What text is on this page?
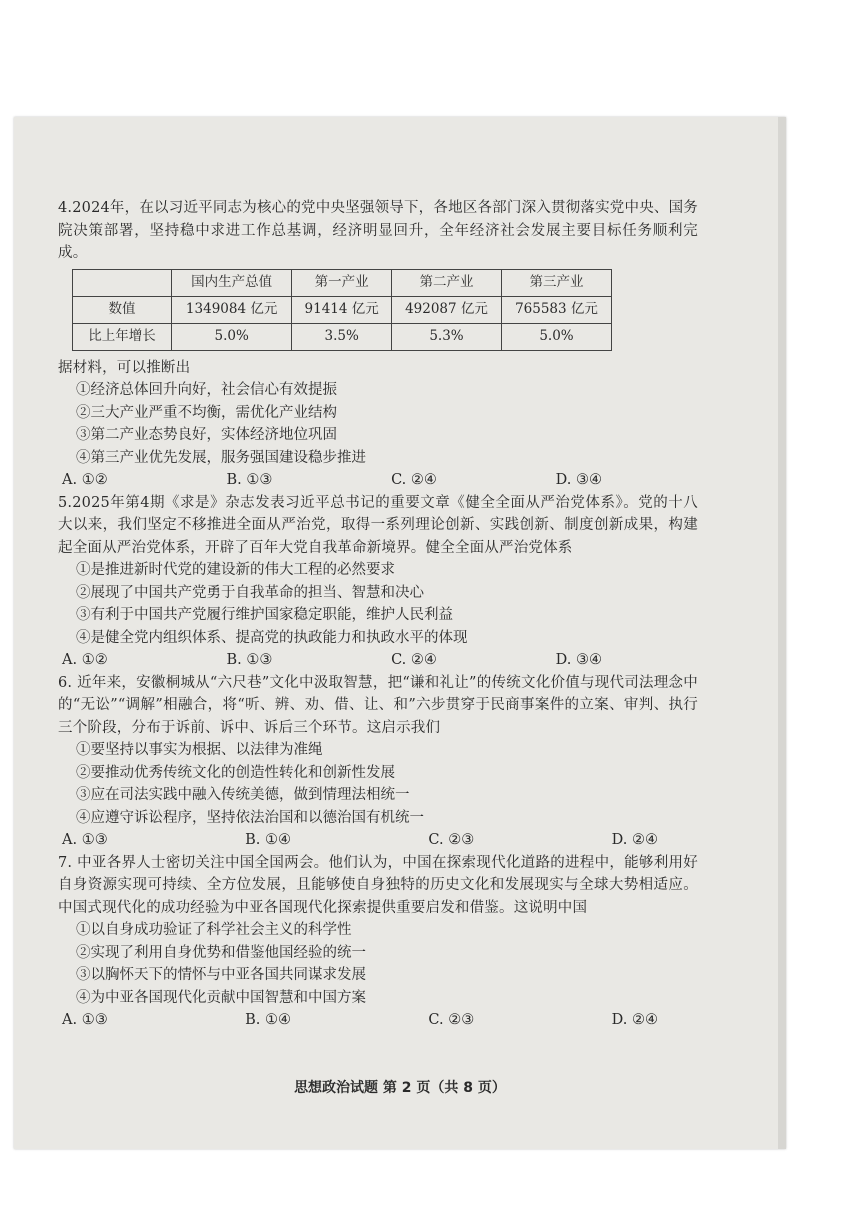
4.2024年，在以习近平同志为核心的党中央坚强领导下，各地区各部门深入贯彻落实党中央、国务院决策部署，坚持稳中求进工作总基调，经济明显回升，全年经济社会发展主要目标任务顺利完成。

	国内生产总值	第一产业	第二产业	第三产业
数值	1349084 亿元	91414 亿元	492087 亿元	765583 亿元
比上年增长	5.0%	3.5%	5.3%	5.0%

据材料，可以推断出

①经济总体回升向好，社会信心有效提振

②三大产业严重不均衡，需优化产业结构

③第二产业态势良好，实体经济地位巩固

④第三产业优先发展，服务强国建设稳步推进

A. ①②	B. ①③	C. ②④	D. ③④

5.2025年第4期《求是》杂志发表习近平总书记的重要文章《健全全面从严治党体系》。党的十八大以来，我们坚定不移推进全面从严治党，取得一系列理论创新、实践创新、制度创新成果，构建起全面从严治党体系，开辟了百年大党自我革命新境界。健全全面从严治党体系

①是推进新时代党的建设新的伟大工程的必然要求

②展现了中国共产党勇于自我革命的担当、智慧和决心

③有利于中国共产党履行维护国家稳定职能，维护人民利益

④是健全党内组织体系、提高党的执政能力和执政水平的体现

A. ①②	B. ①③	C. ②④	D. ③④

6. 近年来，安徽桐城从“六尺巷”文化中汲取智慧，把“谦和礼让”的传统文化价值与现代司法理念中的“无讼”“调解”相融合，将“听、辨、劝、借、让、和”六步贯穿于民商事案件的立案、审判、执行三个阶段，分布于诉前、诉中、诉后三个环节。这启示我们

①要坚持以事实为根据、以法律为准绳

②要推动优秀传统文化的创造性转化和创新性发展

③应在司法实践中融入传统美德，做到情理法相统一

④应遵守诉讼程序，坚持依法治国和以德治国有机统一

A. ①③	B. ①④	C. ②③	D. ②④

7. 中亚各界人士密切关注中国全国两会。他们认为，中国在探索现代化道路的进程中，能够利用好自身资源实现可持续、全方位发展，且能够使自身独特的历史文化和发展现实与全球大势相适应。中国式现代化的成功经验为中亚各国现代化探索提供重要启发和借鉴。这说明中国

①以自身成功验证了科学社会主义的科学性

②实现了利用自身优势和借鉴他国经验的统一

③以胸怀天下的情怀与中亚各国共同谋求发展

④为中亚各国现代化贡献中国智慧和中国方案

A. ①③	B. ①④	C. ②③	D. ②④
思想政治试题 第 2 页（共 8 页）
